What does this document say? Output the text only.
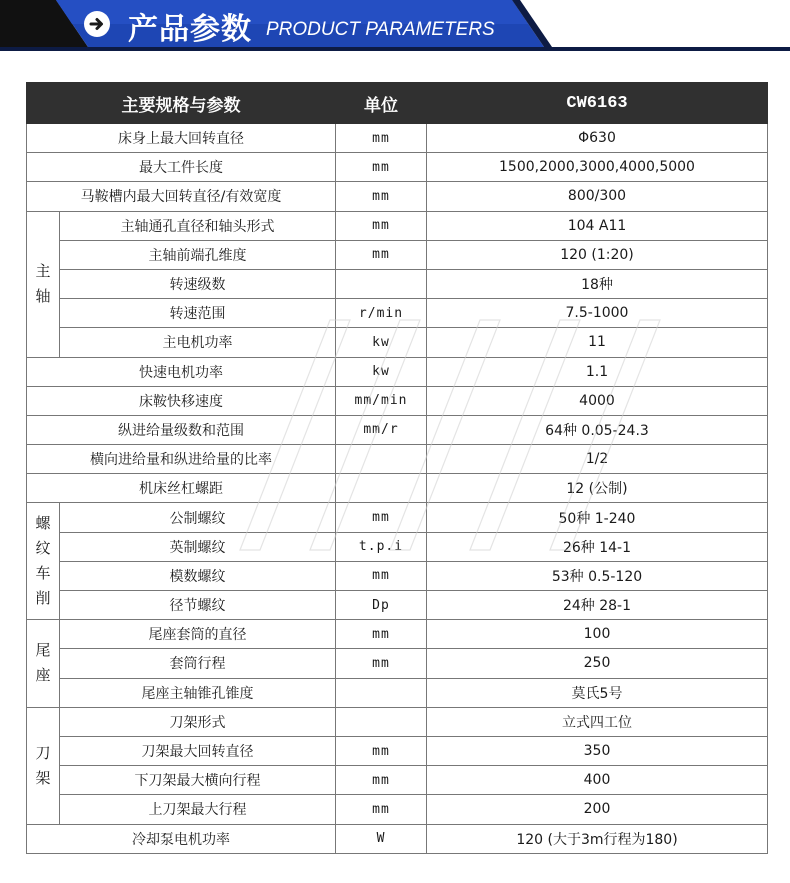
产品参数 PRODUCT PARAMETERS
主要规格与参数		单位	CW6163
床身上最大回转直径		mm	Φ630
最大工件长度		mm	1500,2000,3000,4000,5000
马鞍槽内最大回转直径/有效宽度		mm	800/300
主
轴	主轴通孔直径和轴头形式	mm	104 A11
	主轴前端孔维度	mm	120 (1:20)
	转速级数		18种
	转速范围	r/min	7.5-1000
	主电机功率	kw	11
快速电机功率		kw	1.1
床鞍快移速度		mm/min	4000
纵进给量级数和范围		mm/r	64种 0.05-24.3
横向进给量和纵进给量的比率			1/2
机床丝杠螺距			12 (公制)
螺
纹
车
削	公制螺纹	mm	50种 1-240
	英制螺纹	t.p.i	26种 14-1
	模数螺纹	mm	53种 0.5-120
	径节螺纹	Dp	24种 28-1
尾
座	尾座套筒的直径	mm	100
	套筒行程	mm	250
	尾座主轴锥孔锥度		莫氏5号
刀
架	刀架形式		立式四工位
	刀架最大回转直径	mm	350
	下刀架最大横向行程	mm	400
	上刀架最大行程	mm	200
冷却泵电机功率		W	120 (大于3m行程为180)
